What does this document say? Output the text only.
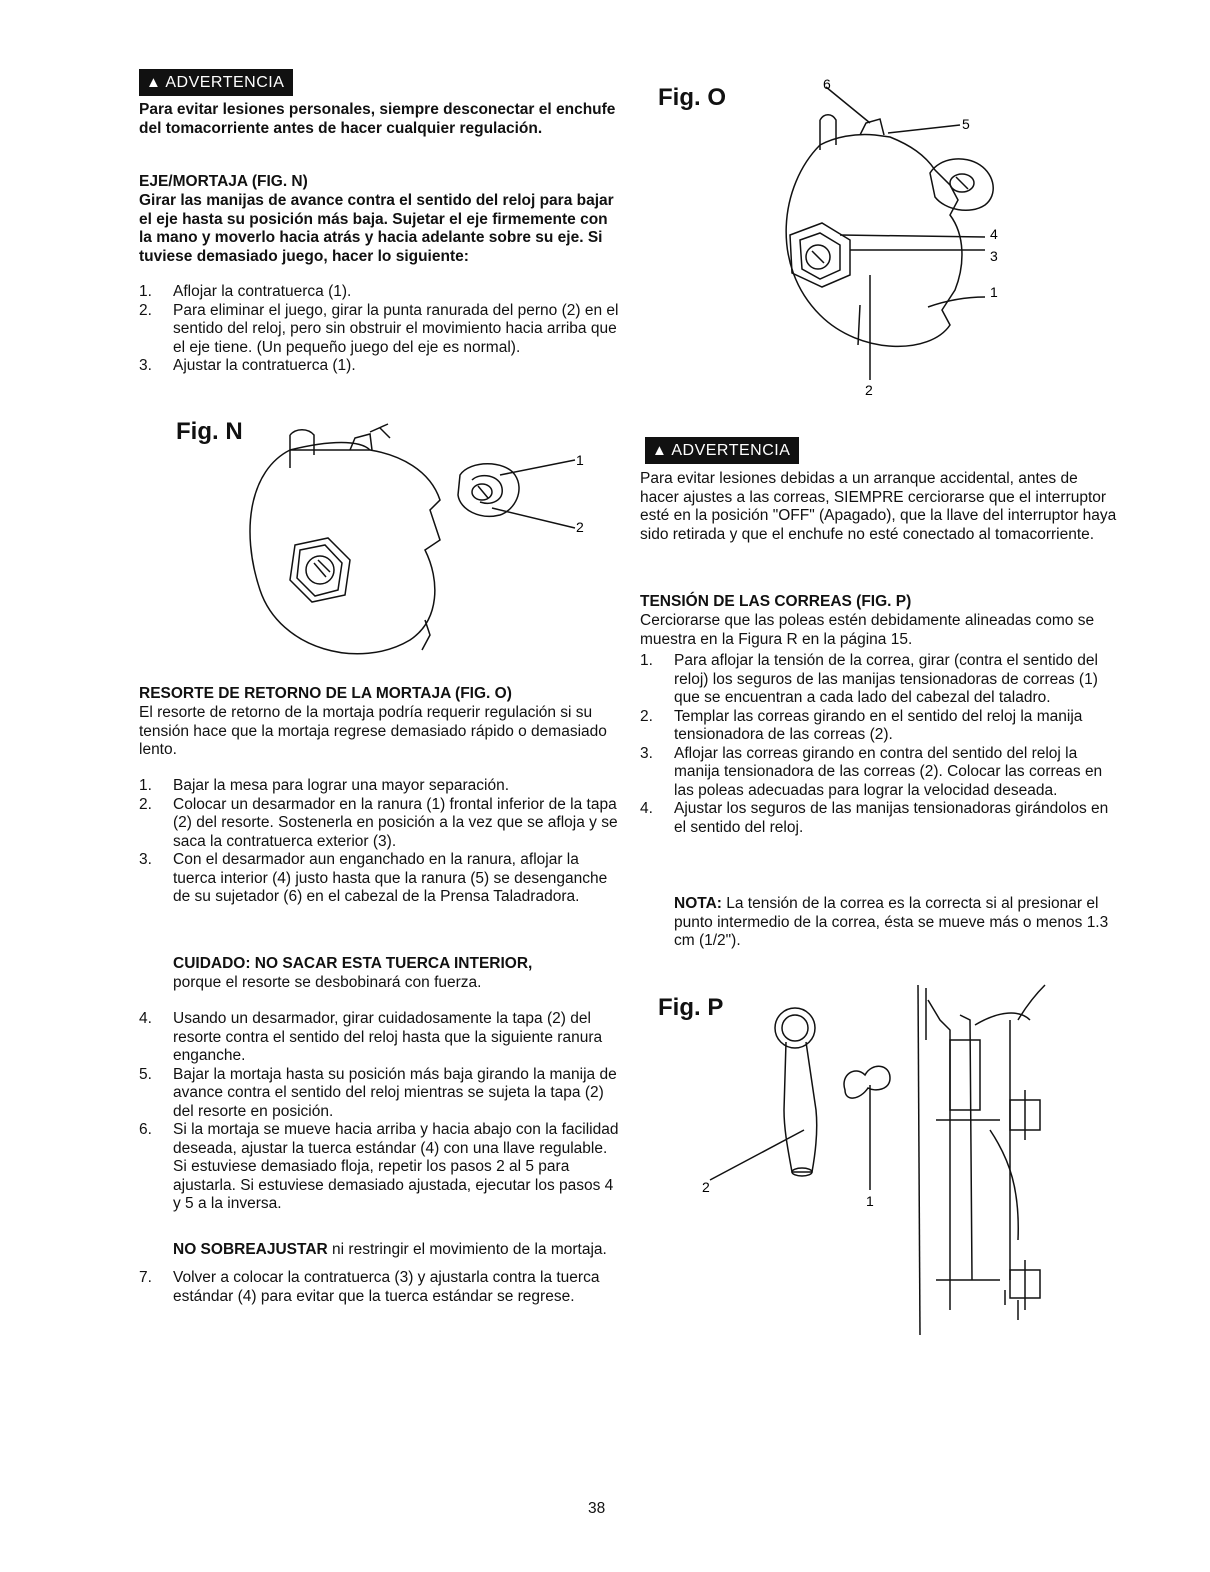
▲ ADVERTENCIA
Para evitar lesiones personales, siempre desconectar el enchufe del tomacorriente antes de hacer cualquier regulación.
EJE/MORTAJA (FIG. N)
Girar las manijas de avance contra el sentido del reloj para bajar el eje hasta su posición más baja. Sujetar el eje firmemente con la mano y moverlo hacia atrás y hacia adelante sobre su eje. Si tuviese demasiado juego, hacer lo siguiente:
1. Aflojar la contratuerca (1).
2. Para eliminar el juego, girar la punta ranurada del perno (2) en el sentido del reloj, pero sin obstruir el movimiento hacia arriba que el eje tiene. (Un pequeño juego del eje es normal).
3. Ajustar la contratuerca (1).
Fig. N
1
2
RESORTE DE RETORNO DE LA MORTAJA (FIG. O)
El resorte de retorno de la mortaja podría requerir regulación si su tensión hace que la mortaja regrese demasiado rápido o demasiado lento.
1. Bajar la mesa para lograr una mayor separación.
2. Colocar un desarmador en la ranura (1) frontal inferior de la tapa (2) del resorte. Sostenerla en posición a la vez que se afloja y se saca la contratuerca exterior (3).
3. Con el desarmador aun enganchado en la ranura, aflojar la tuerca interior (4) justo hasta que la ranura (5) se desenganche de su sujetador (6) en el cabezal de la Prensa Taladradora.
CUIDADO: NO SACAR ESTA TUERCA INTERIOR,
porque el resorte se desbobinará con fuerza.
4. Usando un desarmador, girar cuidadosamente la tapa (2) del resorte contra el sentido del reloj hasta que la siguiente ranura enganche.
5. Bajar la mortaja hasta su posición más baja girando la manija de avance contra el sentido del reloj mientras se sujeta la tapa (2) del resorte en posición.
6. Si la mortaja se mueve hacia arriba y hacia abajo con la facilidad deseada, ajustar la tuerca estándar (4) con una llave regulable. Si estuviese demasiado floja, repetir los pasos 2 al 5 para ajustarla. Si estuviese demasiado ajustada, ejecutar los pasos 4 y 5 a la inversa.
NO SOBREAJUSTAR ni restringir el movimiento de la mortaja.
7. Volver a colocar la contratuerca (3) y ajustarla contra la tuerca estándar (4) para evitar que la tuerca estándar se regrese.
Fig. O	6
5
4
3
1
2
▲ ADVERTENCIA
Para evitar lesiones debidas a un arranque accidental, antes de hacer ajustes a las correas, SIEMPRE cerciorarse que el interruptor esté en la posición "OFF" (Apagado), que la llave del interruptor haya sido retirada y que el enchufe no esté conectado al tomacorriente.
TENSIÓN DE LAS CORREAS (FIG. P)
Cerciorarse que las poleas estén debidamente alineadas como se muestra en la Figura R en la página 15.
1. Para aflojar la tensión de la correa, girar (contra el sentido del reloj) los seguros de las manijas tensionadoras de correas (1) que se encuentran a cada lado del cabezal del taladro.
2. Templar las correas girando en el sentido del reloj la manija tensionadora de las correas (2).
3. Aflojar las correas girando en contra del sentido del reloj la manija tensionadora de las correas (2). Colocar las correas en las poleas adecuadas para lograr la velocidad deseada.
4. Ajustar los seguros de las manijas tensionadoras girándolos en el sentido del reloj.
NOTA: La tensión de la correa es la correcta si al presionar el punto intermedio de la correa, ésta se mueve más o menos 1.3 cm (1/2").
Fig. P
2
1
38
